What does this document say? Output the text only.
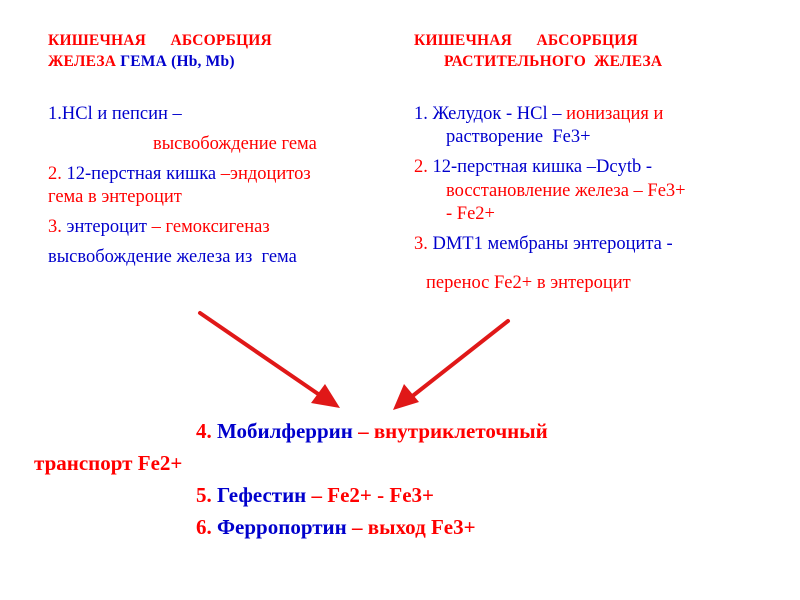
КИШЕЧНАЯ      АБСОРБЦИЯ
ЖЕЛЕЗА ГЕМА (Hb, Mb)
КИШЕЧНАЯ      АБСОРБЦИЯ
РАСТИТЕЛЬНОГО  ЖЕЛЕЗА
1.HCl и пепсин –
высвобождение гема
2. 12-перстная кишка –эндоцитоз
гема в энтероцит
3. энтероцит – гемоксигеназ
высвобождение железа из  гема
1. Желудок - HCl – ионизация и
растворение  Fe3+
2. 12-перстная кишка –Dcytb -
восстановление железа – Fe3+
- Fe2+
3. DMT1 мембраны энтероцита -
перенос Fe2+ в энтероцит
4. Мобилферрин – внутриклеточный
транспорт Fe2+
5. Гефестин – Fe2+ - Fe3+
6. Ферропортин – выход Fe3+
